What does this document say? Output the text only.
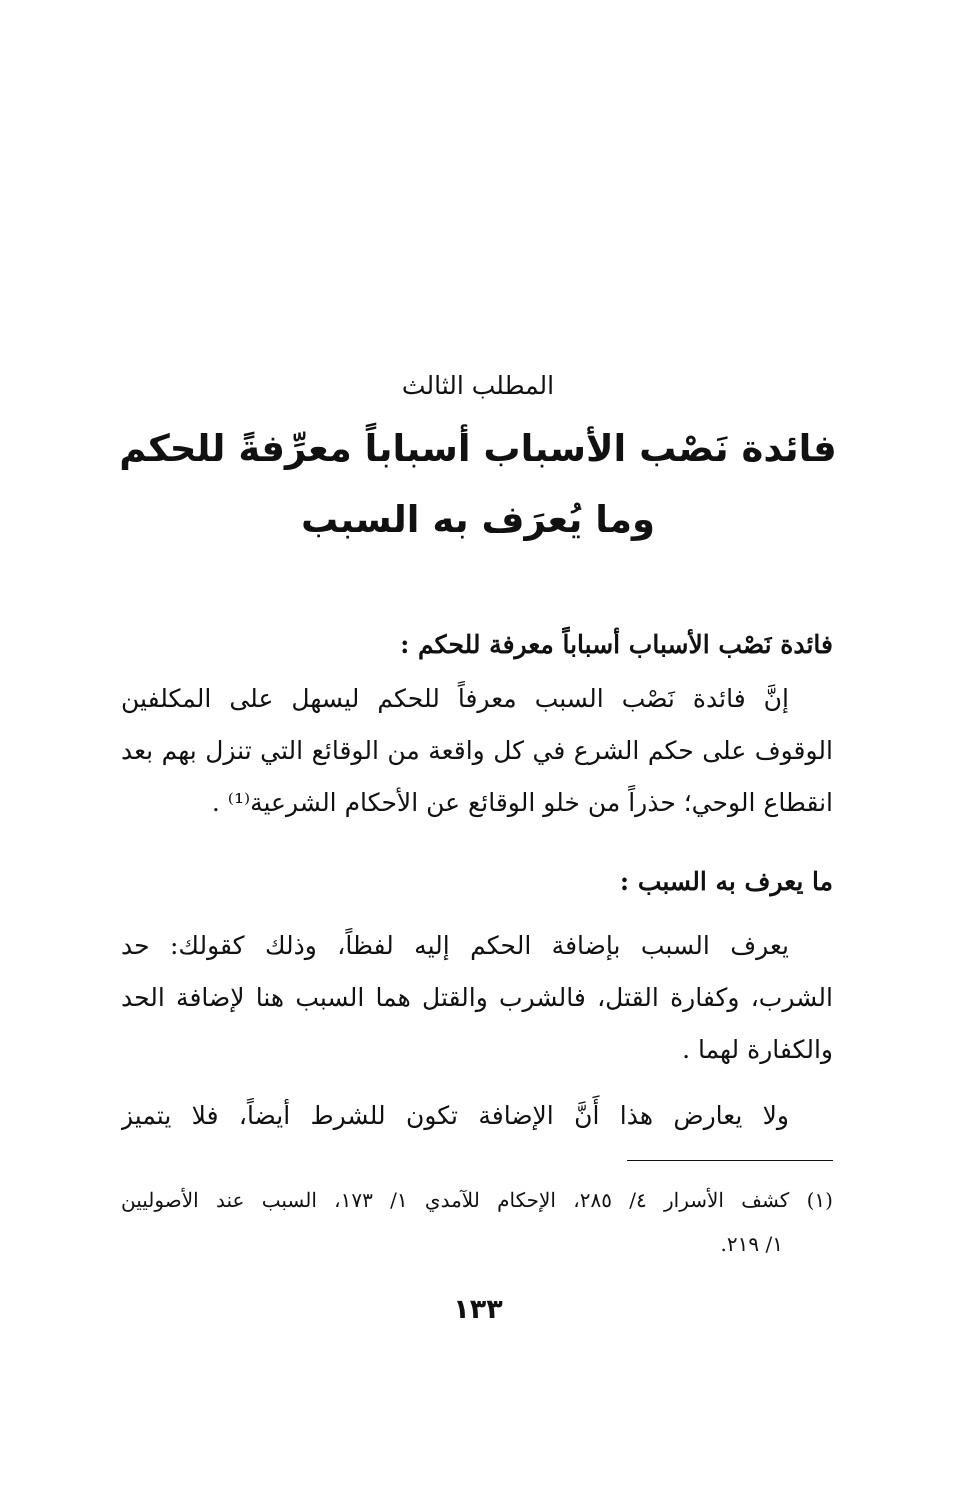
المطلب الثالث
فائدة نَصْب الأسباب أسباباً معرِّفةً للحكم
وما يُعرَف به السبب
فائدة نَصْب الأسباب أسباباً معرفة للحكم :
إنَّ فائدة نَصْب السبب معرفاً للحكم ليسهل على المكلفين
الوقوف على حكم الشرع في كل واقعة من الوقائع التي تنزل بهم بعد
انقطاع الوحي؛ حذراً من خلو الوقائع عن الأحكام الشرعية⁽¹⁾ .
ما يعرف به السبب :
يعرف السبب بإضافة الحكم إليه لفظاً، وذلك كقولك: حد
الشرب، وكفارة القتل، فالشرب والقتل هما السبب هنا لإضافة الحد
والكفارة لهما .
ولا يعارض هذا أَنَّ الإضافة تكون للشرط أيضاً، فلا يتميز
(١) كشف الأسرار ٤/ ٢٨٥، الإحكام للآمدي ١/ ١٧٣، السبب عند الأصوليين
١/ ٢١٩.
١٣٣
